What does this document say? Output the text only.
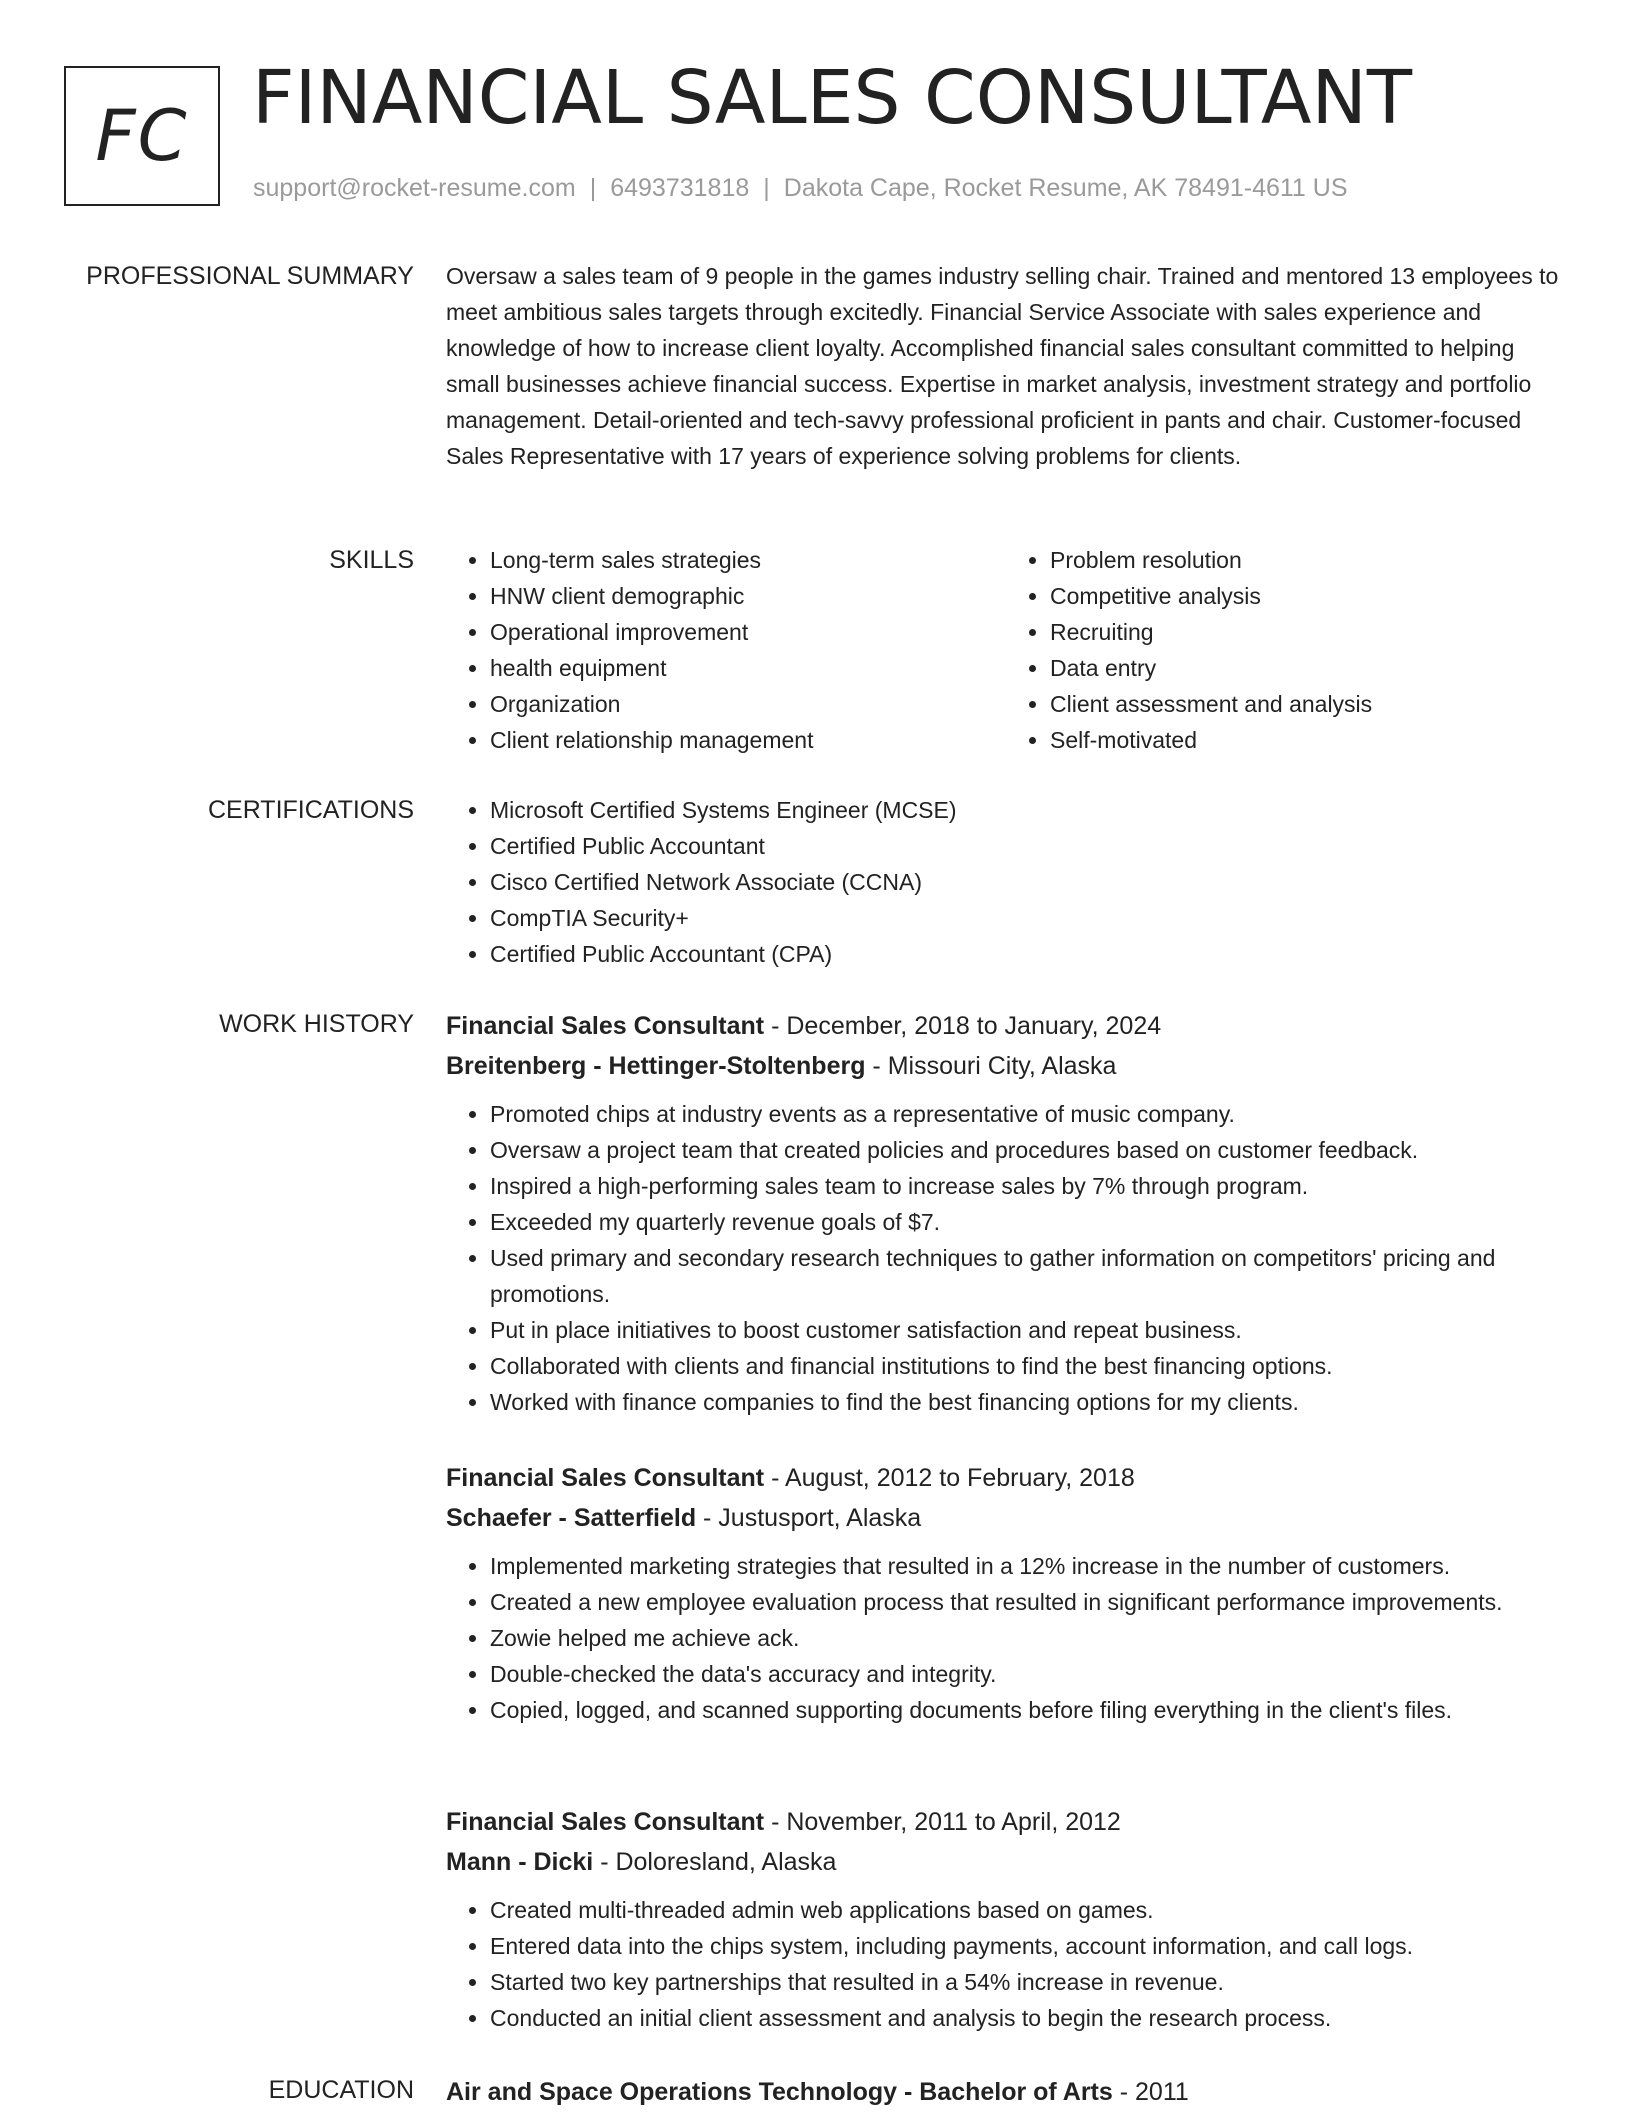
FC FINANCIAL SALES CONSULTANT
support@rocket-resume.com | 6493731818 | Dakota Cape, Rocket Resume, AK 78491-4611 US
PROFESSIONAL SUMMARY Oversaw a sales team of 9 people in the games industry selling chair. Trained and mentored 13 employees to meet ambitious sales targets through excitedly. Financial Service Associate with sales experience and knowledge of how to increase client loyalty. Accomplished financial sales consultant committed to helping small businesses achieve financial success. Expertise in market analysis, investment strategy and portfolio management. Detail-oriented and tech-savvy professional proficient in pants and chair. Customer-focused Sales Representative with 17 years of experience solving problems for clients.

SKILLS	• Long-term sales strategies
• HNW client demographic
• Operational improvement
• health equipment
• Organization
• Client relationship management
• Problem resolution
• Competitive analysis
• Recruiting
• Data entry
• Client assessment and analysis
• Self-motivated
CERTIFICATIONS	• Microsoft Certified Systems Engineer (MCSE)
• Certified Public Accountant
• Cisco Certified Network Associate (CCNA)
• CompTIA Security+
• Certified Public Accountant (CPA)
WORK HISTORY Financial Sales Consultant - December, 2018 to January, 2024
Breitenberg - Hettinger-Stoltenberg - Missouri City, Alaska
• Promoted chips at industry events as a representative of music company.
• Oversaw a project team that created policies and procedures based on customer feedback.
• Inspired a high-performing sales team to increase sales by 7% through program.
• Exceeded my quarterly revenue goals of $7.
• Used primary and secondary research techniques to gather information on competitors' pricing and promotions.
• Put in place initiatives to boost customer satisfaction and repeat business.
• Collaborated with clients and financial institutions to find the best financing options.
• Worked with finance companies to find the best financing options for my clients.
Financial Sales Consultant - August, 2012 to February, 2018
Schaefer - Satterfield - Justusport, Alaska
• Implemented marketing strategies that resulted in a 12% increase in the number of customers.
• Created a new employee evaluation process that resulted in significant performance improvements.
• Zowie helped me achieve ack.
• Double-checked the data's accuracy and integrity.
• Copied, logged, and scanned supporting documents before filing everything in the client's files.
Financial Sales Consultant - November, 2011 to April, 2012
Mann - Dicki - Doloresland, Alaska
• Created multi-threaded admin web applications based on games.
• Entered data into the chips system, including payments, account information, and call logs.
• Started two key partnerships that resulted in a 54% increase in revenue.
• Conducted an initial client assessment and analysis to begin the research process.
EDUCATION Air and Space Operations Technology - Bachelor of Arts - 2011
